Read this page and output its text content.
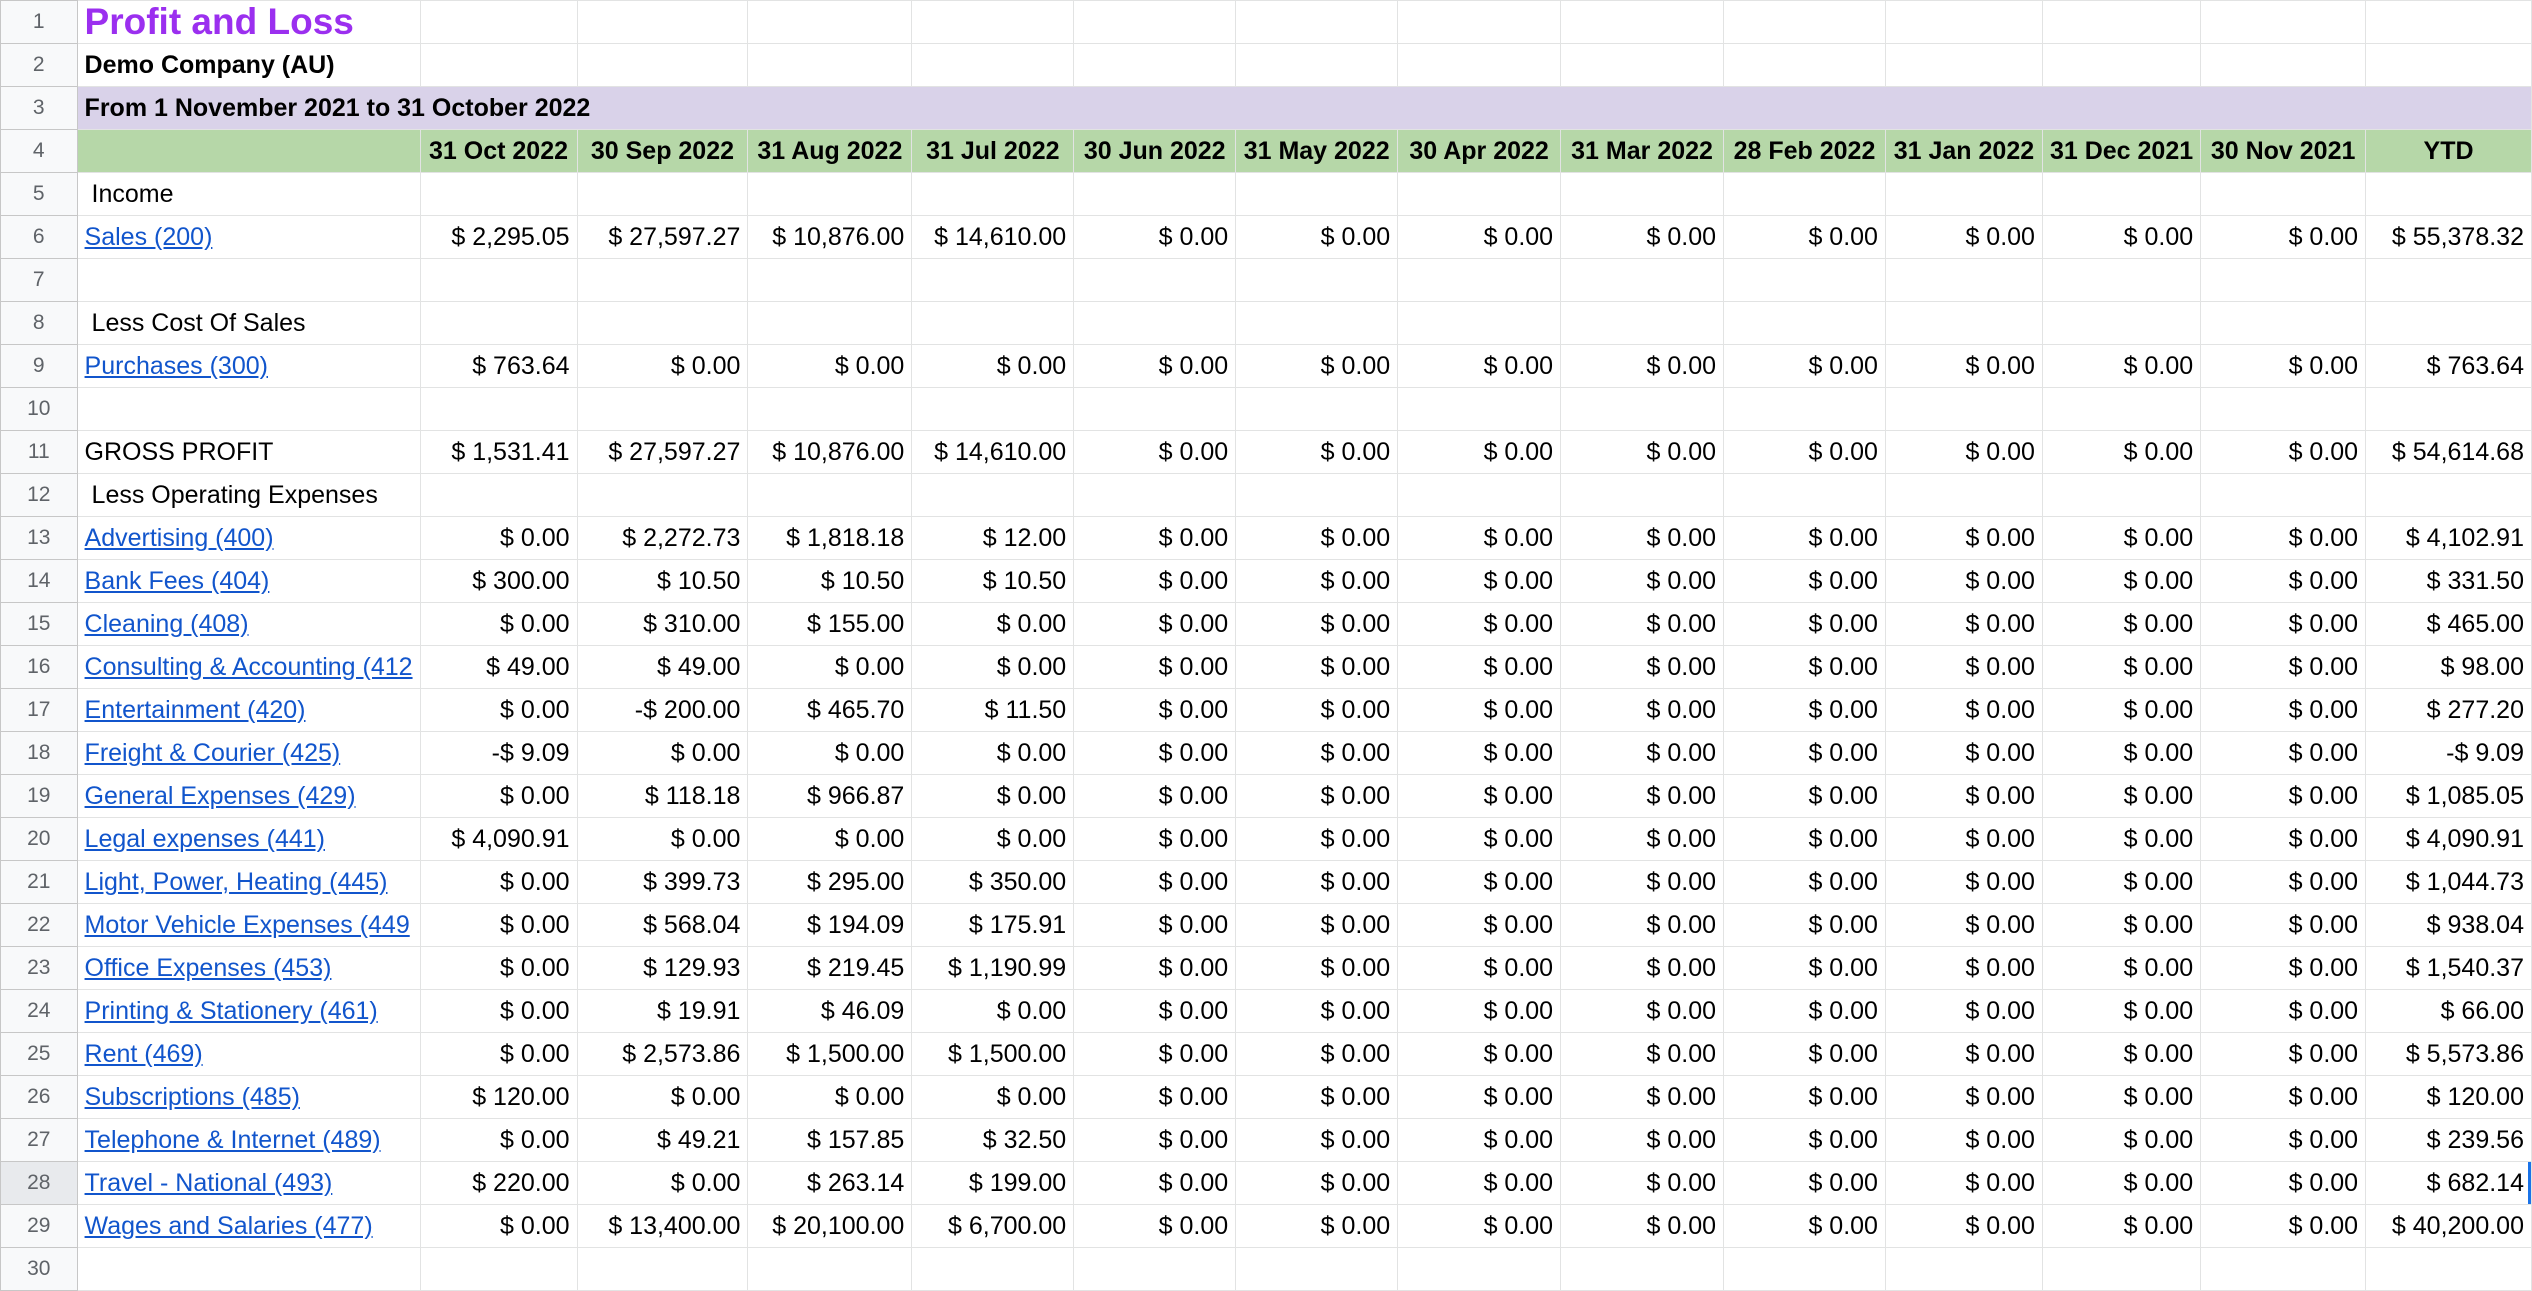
1	Profit and Loss													
2	Demo Company (AU)													
3	From 1 November 2021 to 31 October 2022													
4		31 Oct 2022	30 Sep 2022	31 Aug 2022	31 Jul 2022	30 Jun 2022	31 May 2022	30 Apr 2022	31 Mar 2022	28 Feb 2022	31 Jan 2022	31 Dec 2021	30 Nov 2021	YTD
5	Income													
6	Sales (200)	$ 2,295.05	$ 27,597.27	$ 10,876.00	$ 14,610.00	$ 0.00	$ 0.00	$ 0.00	$ 0.00	$ 0.00	$ 0.00	$ 0.00	$ 0.00	$ 55,378.32
7														
8	Less Cost Of Sales													
9	Purchases (300)	$ 763.64	$ 0.00	$ 0.00	$ 0.00	$ 0.00	$ 0.00	$ 0.00	$ 0.00	$ 0.00	$ 0.00	$ 0.00	$ 0.00	$ 763.64
10														
11	GROSS PROFIT	$ 1,531.41	$ 27,597.27	$ 10,876.00	$ 14,610.00	$ 0.00	$ 0.00	$ 0.00	$ 0.00	$ 0.00	$ 0.00	$ 0.00	$ 0.00	$ 54,614.68
12	Less Operating Expenses													
13	Advertising (400)	$ 0.00	$ 2,272.73	$ 1,818.18	$ 12.00	$ 0.00	$ 0.00	$ 0.00	$ 0.00	$ 0.00	$ 0.00	$ 0.00	$ 0.00	$ 4,102.91
14	Bank Fees (404)	$ 300.00	$ 10.50	$ 10.50	$ 10.50	$ 0.00	$ 0.00	$ 0.00	$ 0.00	$ 0.00	$ 0.00	$ 0.00	$ 0.00	$ 331.50
15	Cleaning (408)	$ 0.00	$ 310.00	$ 155.00	$ 0.00	$ 0.00	$ 0.00	$ 0.00	$ 0.00	$ 0.00	$ 0.00	$ 0.00	$ 0.00	$ 465.00
16	Consulting & Accounting (412	$ 49.00	$ 49.00	$ 0.00	$ 0.00	$ 0.00	$ 0.00	$ 0.00	$ 0.00	$ 0.00	$ 0.00	$ 0.00	$ 0.00	$ 98.00
17	Entertainment (420)	$ 0.00	-$ 200.00	$ 465.70	$ 11.50	$ 0.00	$ 0.00	$ 0.00	$ 0.00	$ 0.00	$ 0.00	$ 0.00	$ 0.00	$ 277.20
18	Freight & Courier (425)	-$ 9.09	$ 0.00	$ 0.00	$ 0.00	$ 0.00	$ 0.00	$ 0.00	$ 0.00	$ 0.00	$ 0.00	$ 0.00	$ 0.00	-$ 9.09
19	General Expenses (429)	$ 0.00	$ 118.18	$ 966.87	$ 0.00	$ 0.00	$ 0.00	$ 0.00	$ 0.00	$ 0.00	$ 0.00	$ 0.00	$ 0.00	$ 1,085.05
20	Legal expenses (441)	$ 4,090.91	$ 0.00	$ 0.00	$ 0.00	$ 0.00	$ 0.00	$ 0.00	$ 0.00	$ 0.00	$ 0.00	$ 0.00	$ 0.00	$ 4,090.91
21	Light, Power, Heating (445)	$ 0.00	$ 399.73	$ 295.00	$ 350.00	$ 0.00	$ 0.00	$ 0.00	$ 0.00	$ 0.00	$ 0.00	$ 0.00	$ 0.00	$ 1,044.73
22	Motor Vehicle Expenses (449	$ 0.00	$ 568.04	$ 194.09	$ 175.91	$ 0.00	$ 0.00	$ 0.00	$ 0.00	$ 0.00	$ 0.00	$ 0.00	$ 0.00	$ 938.04
23	Office Expenses (453)	$ 0.00	$ 129.93	$ 219.45	$ 1,190.99	$ 0.00	$ 0.00	$ 0.00	$ 0.00	$ 0.00	$ 0.00	$ 0.00	$ 0.00	$ 1,540.37
24	Printing & Stationery (461)	$ 0.00	$ 19.91	$ 46.09	$ 0.00	$ 0.00	$ 0.00	$ 0.00	$ 0.00	$ 0.00	$ 0.00	$ 0.00	$ 0.00	$ 66.00
25	Rent (469)	$ 0.00	$ 2,573.86	$ 1,500.00	$ 1,500.00	$ 0.00	$ 0.00	$ 0.00	$ 0.00	$ 0.00	$ 0.00	$ 0.00	$ 0.00	$ 5,573.86
26	Subscriptions (485)	$ 120.00	$ 0.00	$ 0.00	$ 0.00	$ 0.00	$ 0.00	$ 0.00	$ 0.00	$ 0.00	$ 0.00	$ 0.00	$ 0.00	$ 120.00
27	Telephone & Internet (489)	$ 0.00	$ 49.21	$ 157.85	$ 32.50	$ 0.00	$ 0.00	$ 0.00	$ 0.00	$ 0.00	$ 0.00	$ 0.00	$ 0.00	$ 239.56
28	Travel - National (493)	$ 220.00	$ 0.00	$ 263.14	$ 199.00	$ 0.00	$ 0.00	$ 0.00	$ 0.00	$ 0.00	$ 0.00	$ 0.00	$ 0.00	$ 682.14
29	Wages and Salaries (477)	$ 0.00	$ 13,400.00	$ 20,100.00	$ 6,700.00	$ 0.00	$ 0.00	$ 0.00	$ 0.00	$ 0.00	$ 0.00	$ 0.00	$ 0.00	$ 40,200.00
30														
